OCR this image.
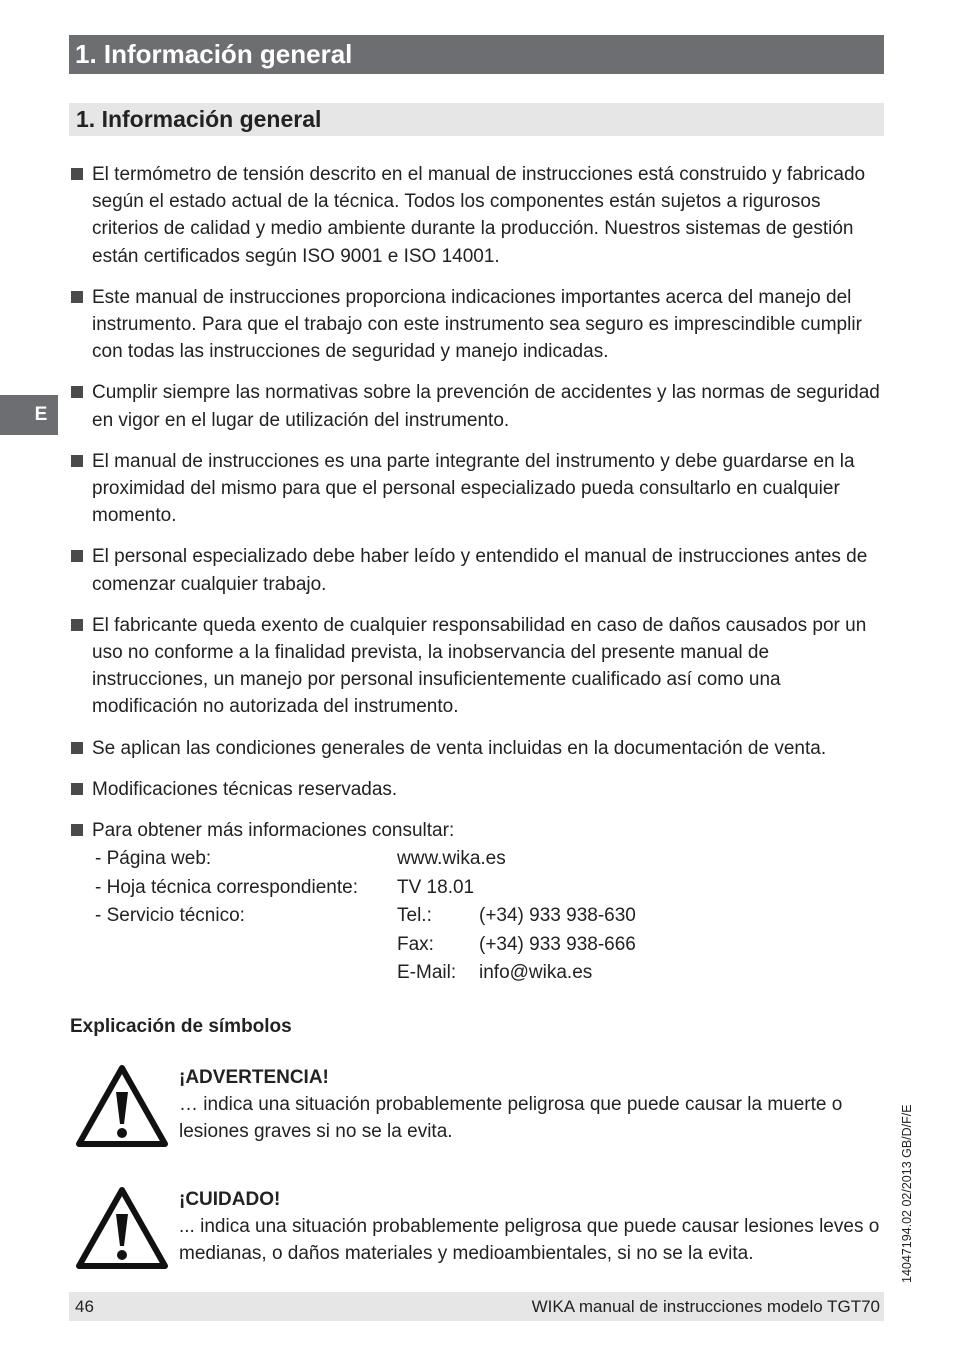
1. Información general
1. Información general
E
El termómetro de tensión descrito en el manual de instrucciones está construido y fabricado según el estado actual de la técnica. Todos los componentes están sujetos a rigurosos criterios de calidad y medio ambiente durante la producción. Nuestros sistemas de gestión están certificados según ISO 9001 e ISO 14001.
Este manual de instrucciones proporciona indicaciones importantes acerca del manejo del instrumento. Para que el trabajo con este instrumento sea seguro es imprescindible cumplir con todas las instrucciones de seguridad y manejo indicadas.
Cumplir siempre las normativas sobre la prevención de accidentes y las normas de seguridad en vigor en el lugar de utilización del instrumento.
El manual de instrucciones es una parte integrante del instrumento y debe guardarse en la proximidad del mismo para que el personal especializado pueda consultarlo en cualquier momento.
El personal especializado debe haber leído y entendido el manual de instrucciones antes de comenzar cualquier trabajo.
El fabricante queda exento de cualquier responsabilidad en caso de daños causados por un uso no conforme a la finalidad prevista, la inobservancia del presente manual de instrucciones, un manejo por personal insuficientemente cualificado así como una modificación no autorizada del instrumento.
Se aplican las condiciones generales de venta incluidas en la documentación de venta.
Modificaciones técnicas reservadas.
Para obtener más informaciones consultar:
- Página web:	www.wika.es
- Hoja técnica correspondiente:	TV 18.01
- Servicio técnico:	Tel.:	(+34) 933 938-630
Fax:	(+34) 933 938-666
E-Mail:	info@wika.es
Explicación de símbolos
¡ADVERTENCIA!
… indica una situación probablemente peligrosa que puede causar la muerte o lesiones graves si no se la evita.
¡CUIDADO!
... indica una situación probablemente peligrosa que puede causar lesiones leves o medianas, o daños materiales y medioambientales, si no se la evita.	14047194.02 02/2013 GB/D/F/E
46	WIKA manual de instrucciones modelo TGT70
